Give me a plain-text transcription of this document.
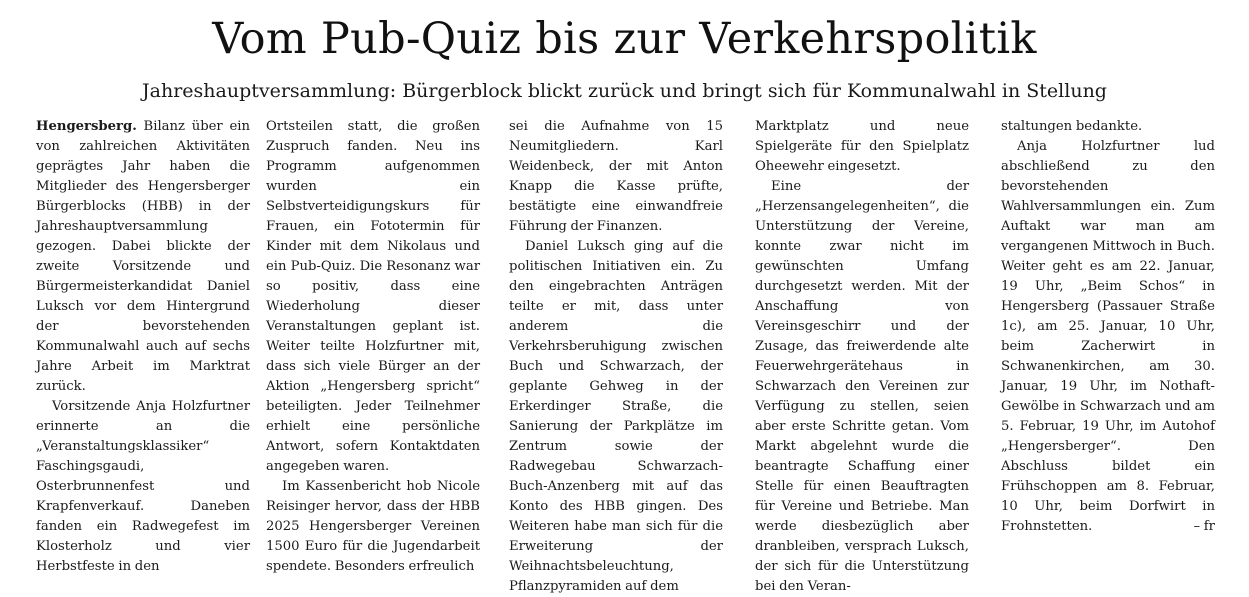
Vom Pub-Quiz bis zur Verkehrspolitik
Jahreshauptversammlung: Bürgerblock blickt zurück und bringt sich für Kommunalwahl in Stellung

Hengersberg. Bilanz über ein von zahlreichen Aktivitäten geprägtes Jahr haben die Mitglieder des Hengersberger Bürgerblocks (HBB) in der Jahreshauptversammlung gezogen. Dabei blickte der zweite Vorsitzende und Bürgermeisterkandidat Daniel Luksch vor dem Hintergrund der bevorstehenden Kommunalwahl auch auf sechs Jahre Arbeit im Marktrat zurück.

Vorsitzende Anja Holzfurtner erinnerte an die „Veranstaltungsklassiker“ Faschingsgaudi, Osterbrunnenfest und Krapfenverkauf. Daneben fanden ein Radwegefest im Klosterholz und vier Herbstfeste in den

Ortsteilen statt, die großen Zuspruch fanden. Neu ins Programm aufgenommen wurden ein Selbstverteidigungskurs für Frauen, ein Fototermin für Kinder mit dem Nikolaus und ein Pub-Quiz. Die Resonanz war so positiv, dass eine Wiederholung dieser Veranstaltungen geplant ist. Weiter teilte Holzfurtner mit, dass sich viele Bürger an der Aktion „Hengersberg spricht“ beteiligten. Jeder Teilnehmer erhielt eine persönliche Antwort, sofern Kontaktdaten angegeben waren.

Im Kassenbericht hob Nicole Reisinger hervor, dass der HBB 2025 Hengersberger Vereinen 1500 Euro für die Jugendarbeit spendete. Besonders erfreulich

sei die Aufnahme von 15 Neumitgliedern. Karl Weidenbeck, der mit Anton Knapp die Kasse prüfte, bestätigte eine einwandfreie Führung der Finanzen.

Daniel Luksch ging auf die politischen Initiativen ein. Zu den eingebrachten Anträgen teilte er mit, dass unter anderem die Verkehrsberuhigung zwischen Buch und Schwarzach, der geplante Gehweg in der Erkerdinger Straße, die Sanierung der Parkplätze im Zentrum sowie der Radwegebau Schwarzach-Buch-Anzenberg mit auf das Konto des HBB gingen. Des Weiteren habe man sich für die Erweiterung der Weihnachtsbeleuchtung, Pflanzpyramiden auf dem

Marktplatz und neue Spielgeräte für den Spielplatz Oheewehr eingesetzt.

Eine der „Herzensangelegenheiten“, die Unterstützung der Vereine, konnte zwar nicht im gewünschten Umfang durchgesetzt werden. Mit der Anschaffung von Vereinsgeschirr und der Zusage, das freiwerdende alte Feuerwehrgerätehaus in Schwarzach den Vereinen zur Verfügung zu stellen, seien aber erste Schritte getan. Vom Markt abgelehnt wurde die beantragte Schaffung einer Stelle für einen Beauftragten für Vereine und Betriebe. Man werde diesbezüglich aber dranbleiben, versprach Luksch, der sich für die Unterstützung bei den Veran-

staltungen bedankte.

Anja Holzfurtner lud abschließend zu den bevorstehenden Wahlversammlungen ein. Zum Auftakt war man am vergangenen Mittwoch in Buch. Weiter geht es am 22. Januar, 19 Uhr, „Beim Schos“ in Hengersberg (Passauer Straße 1c), am 25. Januar, 10 Uhr, beim Zacherwirt in Schwanenkirchen, am 30. Januar, 19 Uhr, im Nothaft-Gewölbe in Schwarzach und am 5. Februar, 19 Uhr, im Autohof „Hengersberger“. Den Abschluss bildet ein Frühschoppen am 8. Februar, 10 Uhr, beim Dorfwirt in Frohnstetten.	– fr
